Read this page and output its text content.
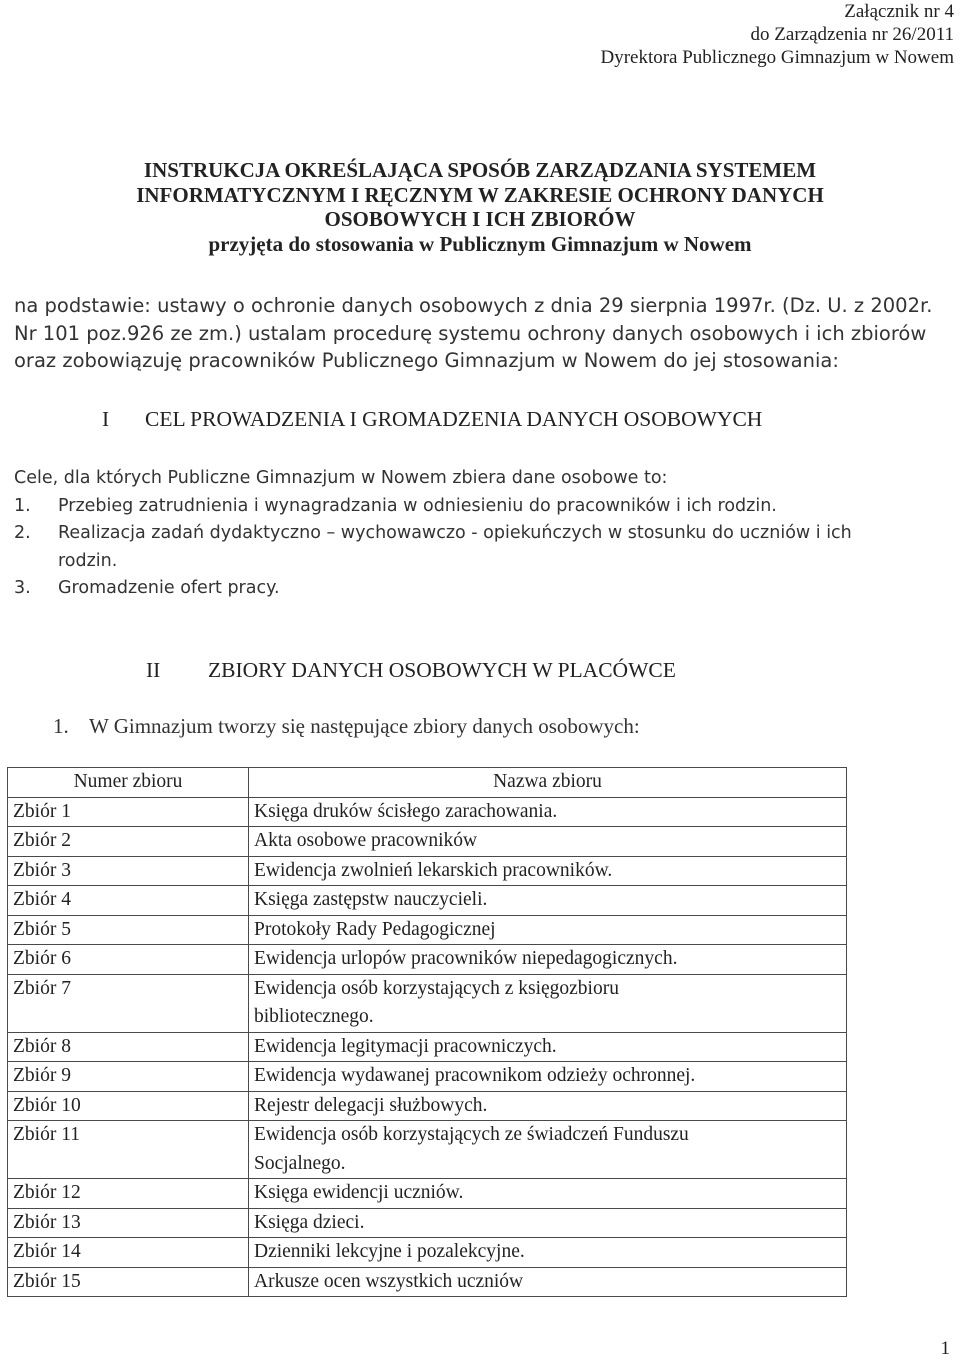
Załącznik nr 4
do Zarządzenia nr 26/2011
Dyrektora Publicznego Gimnazjum w Nowem
INSTRUKCJA OKREŚLAJĄCA SPOSÓB ZARZĄDZANIA SYSTEMEM
INFORMATYCZNYM I RĘCZNYM W ZAKRESIE OCHRONY DANYCH
OSOBOWYCH I ICH ZBIORÓW
przyjęta do stosowania w Publicznym Gimnazjum w Nowem
na podstawie: ustawy o ochronie danych osobowych z dnia 29 sierpnia 1997r. (Dz. U. z 2002r.
Nr 101 poz.926 ze zm.) ustalam procedurę systemu ochrony danych osobowych i ich zbiorów
oraz zobowiązuję pracowników Publicznego Gimnazjum w Nowem do jej stosowania:
I CEL PROWADZENIA I GROMADZENIA DANYCH OSOBOWYCH
Cele, dla których Publiczne Gimnazjum w Nowem zbiera dane osobowe to:
1. Przebieg zatrudnienia i wynagradzania w odniesieniu do pracowników i ich rodzin.
2. Realizacja zadań dydaktyczno – wychowawczo - opiekuńczych w stosunku do uczniów i ich
rodzin.
3. Gromadzenie ofert pracy.
II ZBIORY DANYCH OSOBOWYCH W PLACÓWCE
1. W Gimnazjum tworzy się następujące zbiory danych osobowych:
Numer zbioru	Nazwa zbioru
Zbiór 1	Księga druków ścisłego zarachowania.
Zbiór 2	Akta osobowe pracowników
Zbiór 3	Ewidencja zwolnień lekarskich pracowników.
Zbiór 4	Księga zastępstw nauczycieli.
Zbiór 5	Protokoły Rady Pedagogicznej
Zbiór 6	Ewidencja urlopów pracowników niepedagogicznych.
Zbiór 7	Ewidencja osób korzystających z księgozbioru
bibliotecznego.
Zbiór 8	Ewidencja legitymacji pracowniczych.
Zbiór 9	Ewidencja wydawanej pracownikom odzieży ochronnej.
Zbiór 10	Rejestr delegacji służbowych.
Zbiór 11	Ewidencja osób korzystających ze świadczeń Funduszu
Socjalnego.
Zbiór 12	Księga ewidencji uczniów.
Zbiór 13	Księga dzieci.
Zbiór 14	Dzienniki lekcyjne i pozalekcyjne.
Zbiór 15	Arkusze ocen wszystkich uczniów
1
